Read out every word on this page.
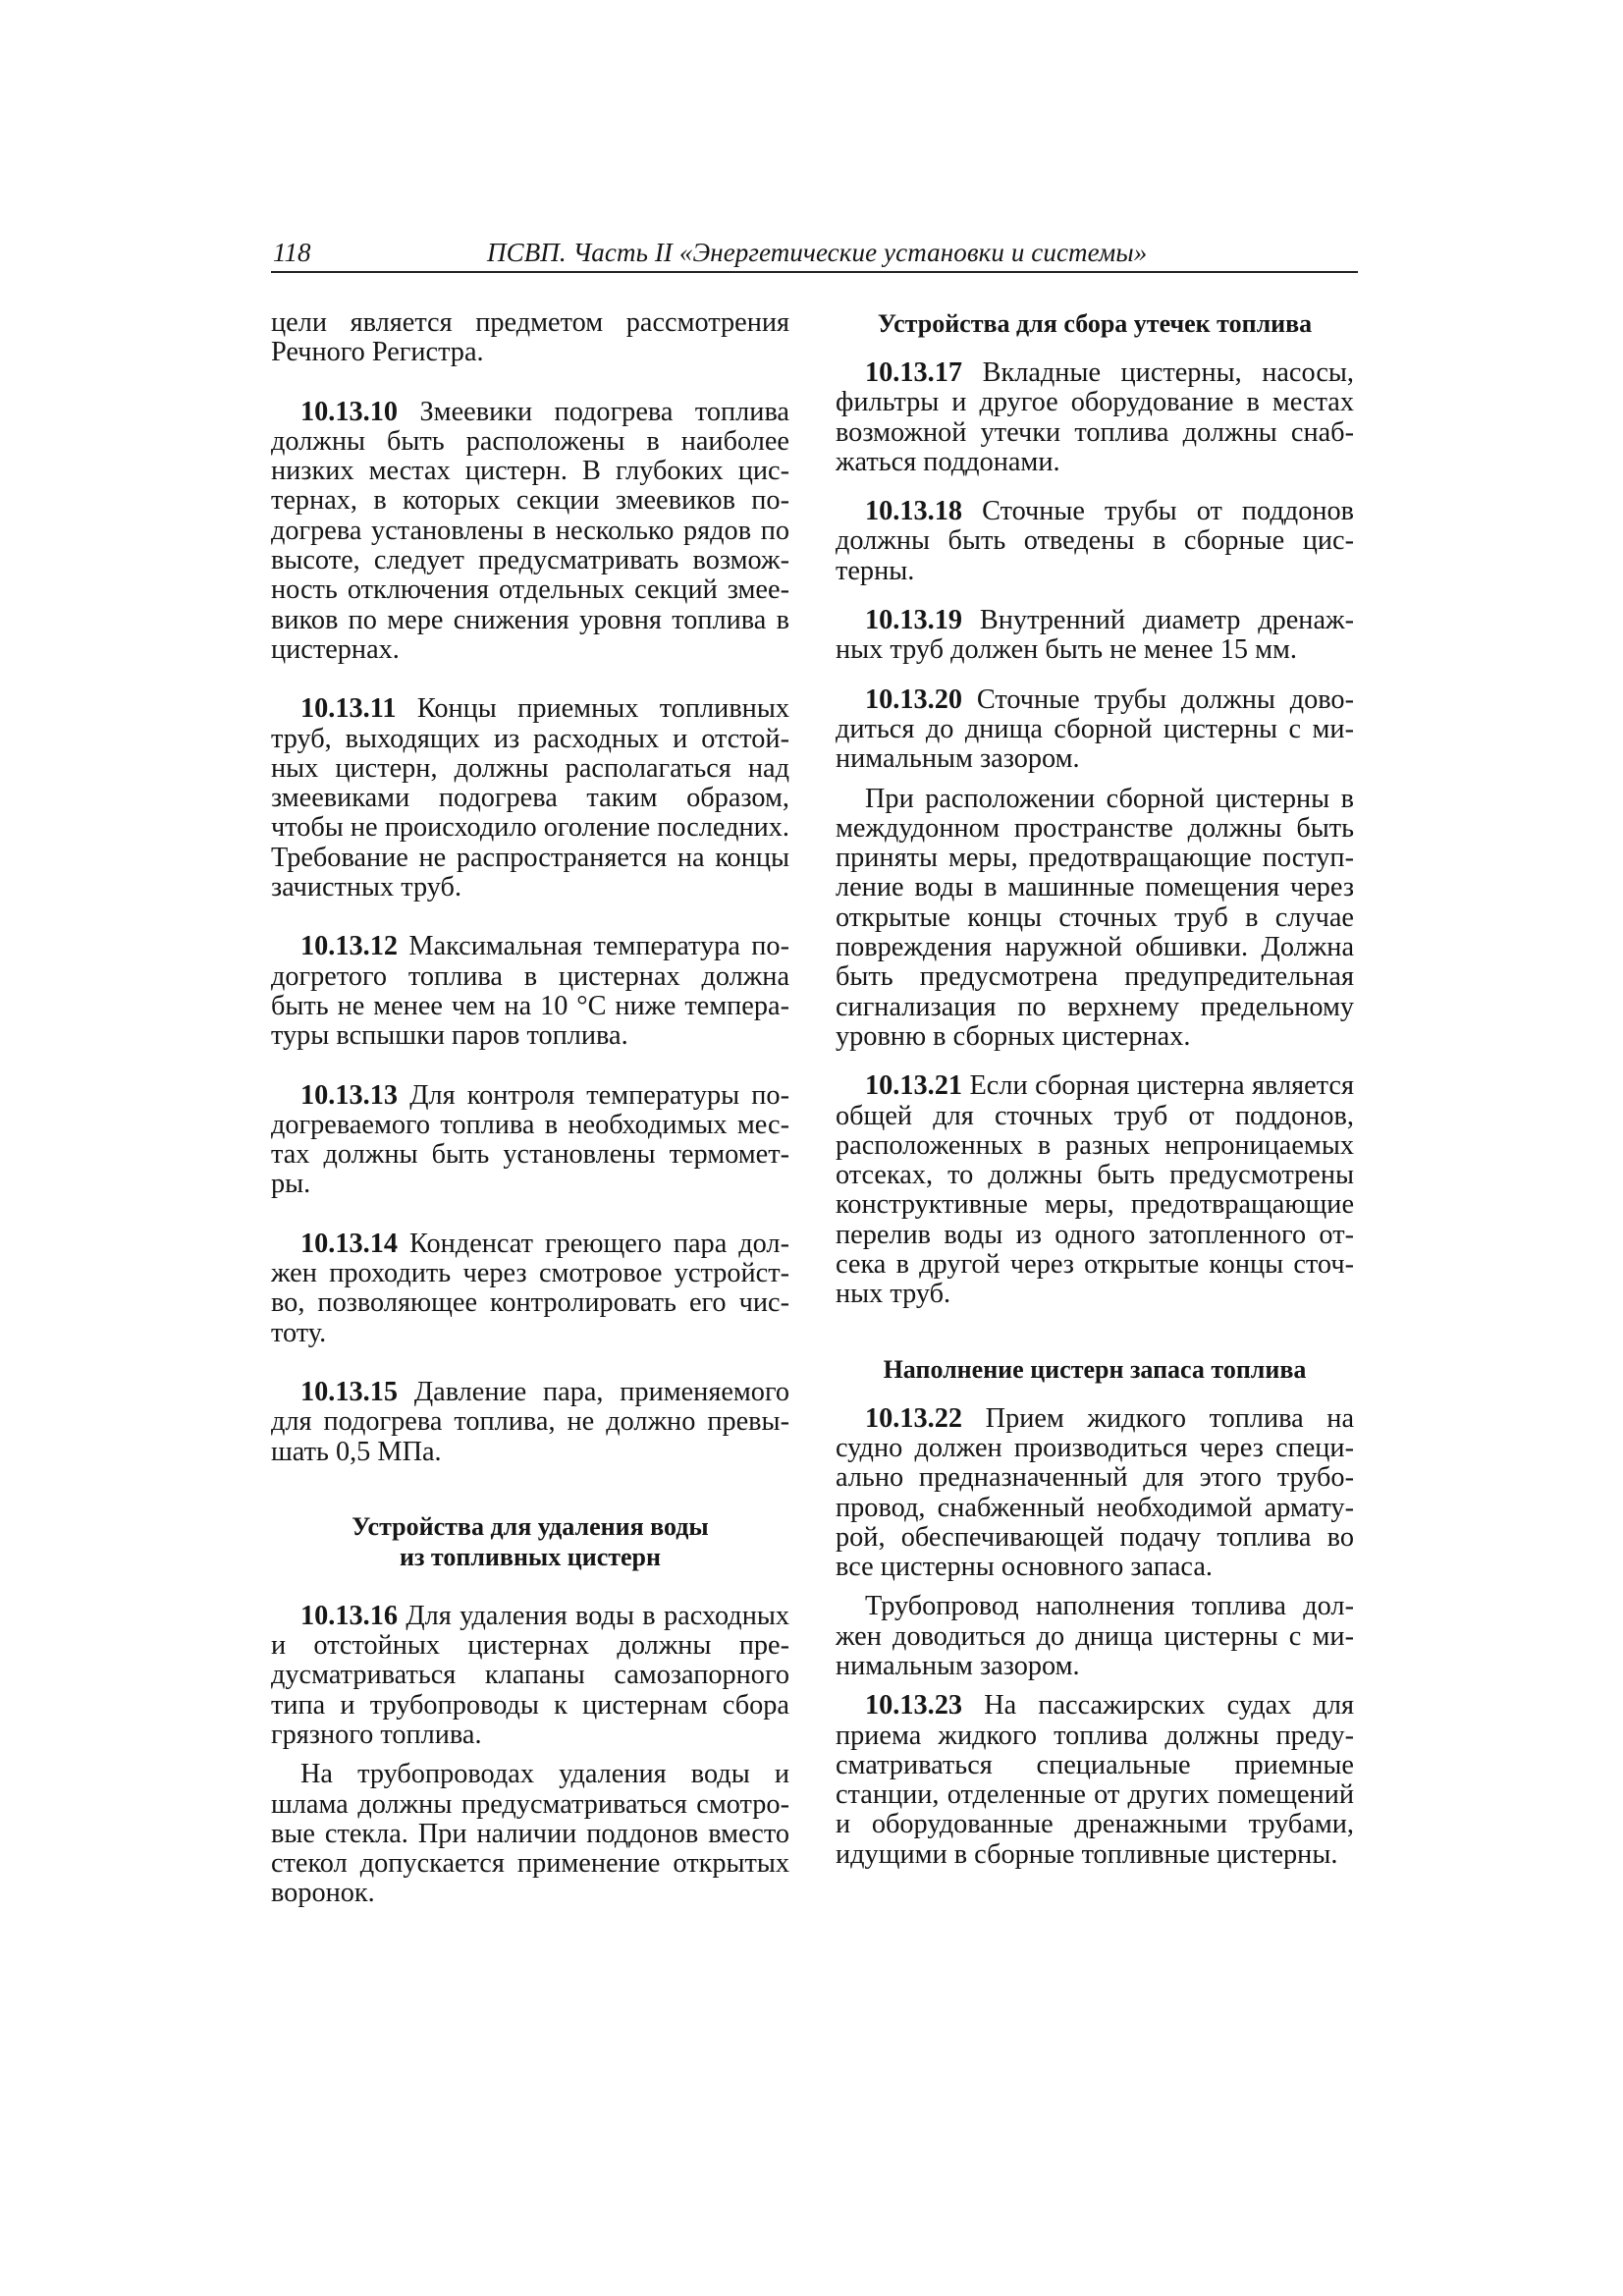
118	ПСВП. Часть II «Энергетические установки и системы»

цели является предметом рассмотрения Речного Регистра.

10.13.10 Змеевики подогрева топлива должны быть расположены в наиболее низких местах цистерн. В глубоких цистернах, в которых секции змеевиков подогрева установлены в несколько рядов по высоте, следует предусматривать возможность отключения отдельных секций змеевиков по мере снижения уровня топлива в цистернах.

10.13.11 Концы приемных топливных труб, выходящих из расходных и отстойных цистерн, должны располагаться над змеевиками подогрева таким образом, чтобы не происходило оголение последних. Требование не распространяется на концы зачистных труб.

10.13.12 Максимальная температура подогретого топлива в цистернах должна быть не менее чем на 10 °С ниже температуры вспышки паров топлива.

10.13.13 Для контроля температуры подогреваемого топлива в необходимых местах должны быть установлены термометры.

10.13.14 Конденсат греющего пара должен проходить через смотровое устройство, позволяющее контролировать его чистоту.

10.13.15 Давление пара, применяемого для подогрева топлива, не должно превышать 0,5 МПа.

Устройства для удаления воды
из топливных цистерн

10.13.16 Для удаления воды в расходных и отстойных цистернах должны предусматриваться клапаны самозапорного типа и трубопроводы к цистернам сбора грязного топлива.

На трубопроводах удаления воды и шлама должны предусматриваться смотровые стекла. При наличии поддонов вместо стекол допускается применение открытых воронок.

Устройства для сбора утечек топлива

10.13.17 Вкладные цистерны, насосы, фильтры и другое оборудование в местах возможной утечки топлива должны снабжаться поддонами.

10.13.18 Сточные трубы от поддонов должны быть отведены в сборные цистерны.

10.13.19 Внутренний диаметр дренажных труб должен быть не менее 15 мм.

10.13.20 Сточные трубы должны доводиться до днища сборной цистерны с минимальным зазором.

При расположении сборной цистерны в междудонном пространстве должны быть приняты меры, предотвращающие поступление воды в машинные помещения через открытые концы сточных труб в случае повреждения наружной обшивки. Должна быть предусмотрена предупредительная сигнализация по верхнему предельному уровню в сборных цистернах.

10.13.21 Если сборная цистерна является общей для сточных труб от поддонов, расположенных в разных непроницаемых отсеках, то должны быть предусмотрены конструктивные меры, предотвращающие перелив воды из одного затопленного отсека в другой через открытые концы сточных труб.

Наполнение цистерн запаса топлива

10.13.22 Прием жидкого топлива на судно должен производиться через специально предназначенный для этого трубопровод, снабженный необходимой арматурой, обеспечивающей подачу топлива во все цистерны основного запаса.

Трубопровод наполнения топлива должен доводиться до днища цистерны с минимальным зазором.

10.13.23 На пассажирских судах для приема жидкого топлива должны предусматриваться специальные приемные станции, отделенные от других помещений и оборудованные дренажными трубами, идущими в сборные топливные цистерны.
